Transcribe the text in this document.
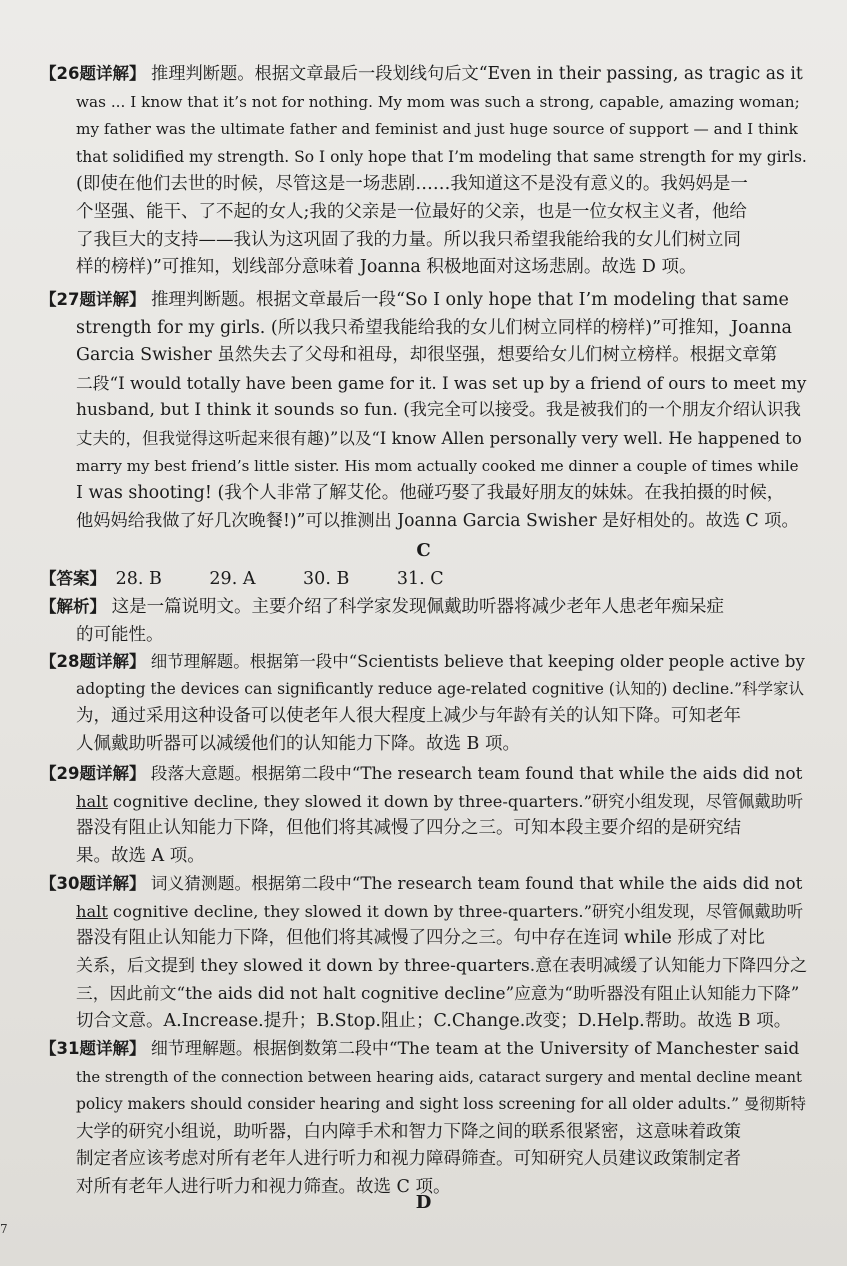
【26题详解】 推理判断题。根据文章最后一段划线句后文“Even in their passing, as tragic as it
was ... I know that it’s not for nothing. My mom was such a strong, capable, amazing woman;
my father was the ultimate father and feminist and just huge source of support — and I think
that solidified my strength. So I only hope that I’m modeling that same strength for my girls.
(即使在他们去世的时候，尽管这是一场悲剧……我知道这不是没有意义的。我妈妈是一
个坚强、能干、了不起的女人;我的父亲是一位最好的父亲，也是一位女权主义者，他给
了我巨大的支持——我认为这巩固了我的力量。所以我只希望我能给我的女儿们树立同
样的榜样)”可推知，划线部分意味着 Joanna 积极地面对这场悲剧。故选 D 项。
【27题详解】 推理判断题。根据文章最后一段“So I only hope that I’m modeling that same
strength for my girls. (所以我只希望我能给我的女儿们树立同样的榜样)”可推知，Joanna
Garcia Swisher 虽然失去了父母和祖母，却很坚强，想要给女儿们树立榜样。根据文章第
二段“I would totally have been game for it. I was set up by a friend of ours to meet my
husband, but I think it sounds so fun. (我完全可以接受。我是被我们的一个朋友介绍认识我
丈夫的，但我觉得这听起来很有趣)”以及“I know Allen personally very well. He happened to
marry my best friend’s little sister. His mom actually cooked me dinner a couple of times while
I was shooting! (我个人非常了解艾伦。他碰巧娶了我最好朋友的妹妹。在我拍摄的时候，
他妈妈给我做了好几次晚餐!)”可以推测出 Joanna Garcia Swisher 是好相处的。故选 C 项。

C

【答案】 28. B	29. A	30. B	31. C
【解析】 这是一篇说明文。主要介绍了科学家发现佩戴助听器将减少老年人患老年痴呆症
的可能性。
【28题详解】 细节理解题。根据第一段中“Scientists believe that keeping older people active by
adopting the devices can significantly reduce age-related cognitive (认知的) decline.”科学家认
为，通过采用这种设备可以使老年人很大程度上减少与年龄有关的认知下降。可知老年
人佩戴助听器可以减缓他们的认知能力下降。故选 B 项。
【29题详解】 段落大意题。根据第二段中“The research team found that while the aids did not
halt cognitive decline, they slowed it down by three-quarters.”研究小组发现，尽管佩戴助听
器没有阻止认知能力下降，但他们将其减慢了四分之三。可知本段主要介绍的是研究结
果。故选 A 项。
【30题详解】 词义猜测题。根据第二段中“The research team found that while the aids did not
halt cognitive decline, they slowed it down by three-quarters.”研究小组发现，尽管佩戴助听
器没有阻止认知能力下降，但他们将其减慢了四分之三。句中存在连词 while 形成了对比
关系，后文提到 they slowed it down by three-quarters.意在表明减缓了认知能力下降四分之
三，因此前文“the aids did not halt cognitive decline”应意为“助听器没有阻止认知能力下降”
切合文意。A.Increase.提升；B.Stop.阻止；C.Change.改变；D.Help.帮助。故选 B 项。
【31题详解】 细节理解题。根据倒数第二段中“The team at the University of Manchester said
the strength of the connection between hearing aids, cataract surgery and mental decline meant
policy makers should consider hearing and sight loss screening for all older adults.” 曼彻斯特
大学的研究小组说，助听器，白内障手术和智力下降之间的联系很紧密，这意味着政策
制定者应该考虑对所有老年人进行听力和视力障碍筛查。可知研究人员建议政策制定者
对所有老年人进行听力和视力筛查。故选 C 项。

D

7
